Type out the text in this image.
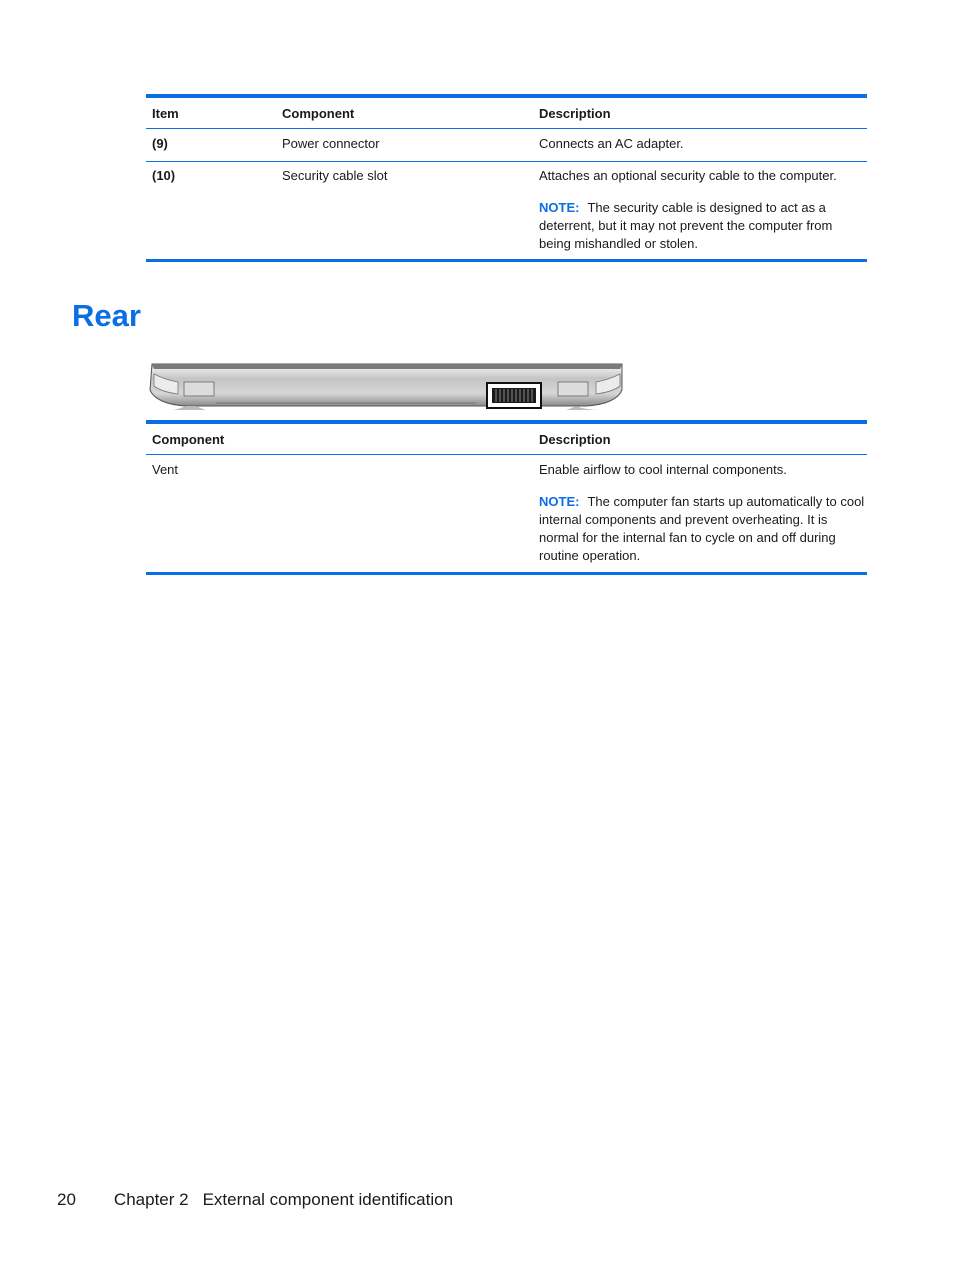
Item	Component	Description
(9)	Power connector	Connects an AC adapter.
(10)	Security cable slot	Attaches an optional security cable to the computer.

NOTE: The security cable is designed to act as a deterrent, but it may not prevent the computer from being mishandled or stolen.

Rear
Component	Description
Vent	Enable airflow to cool internal components.

NOTE: The computer fan starts up automatically to cool internal components and prevent overheating. It is normal for the internal fan to cycle on and off during routine operation.

20 Chapter 2 External component identification
